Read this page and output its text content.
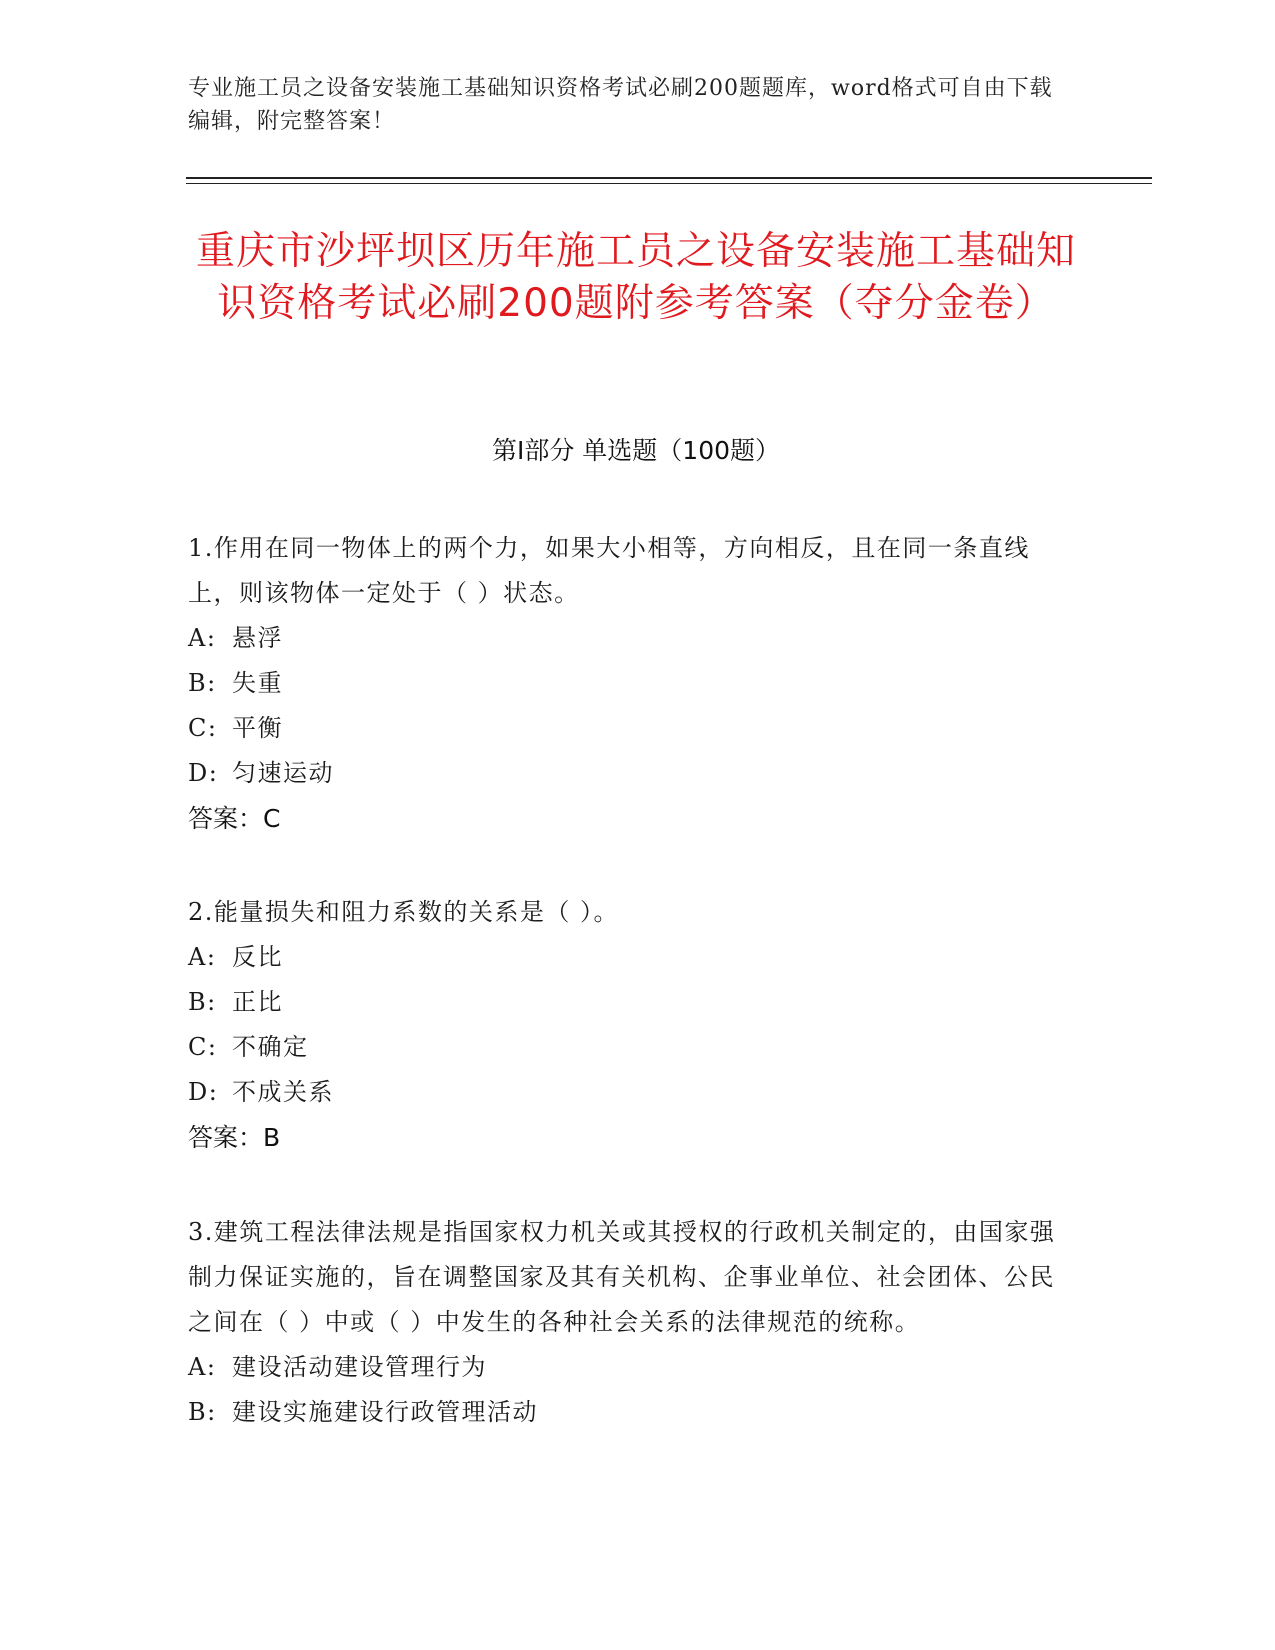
专业施工员之设备安装施工基础知识资格考试必刷200题题库，word格式可自由下载编辑，附完整答案！
重庆市沙坪坝区历年施工员之设备安装施工基础知识资格考试必刷200题附参考答案（夺分金卷）
第Ⅰ部分 单选题（100题）
1.作用在同一物体上的两个力，如果大小相等，方向相反，且在同一条直线上，则该物体一定处于（ ）状态。
A: 悬浮
B: 失重
C: 平衡
D: 匀速运动
答案：C
2.能量损失和阻力系数的关系是（ ）。
A: 反比
B: 正比
C: 不确定
D: 不成关系
答案：B
3.建筑工程法律法规是指国家权力机关或其授权的行政机关制定的，由国家强制力保证实施的，旨在调整国家及其有关机构、企事业单位、社会团体、公民之间在（ ）中或（ ）中发生的各种社会关系的法律规范的统称。
A: 建设活动建设管理行为
B: 建设实施建设行政管理活动
